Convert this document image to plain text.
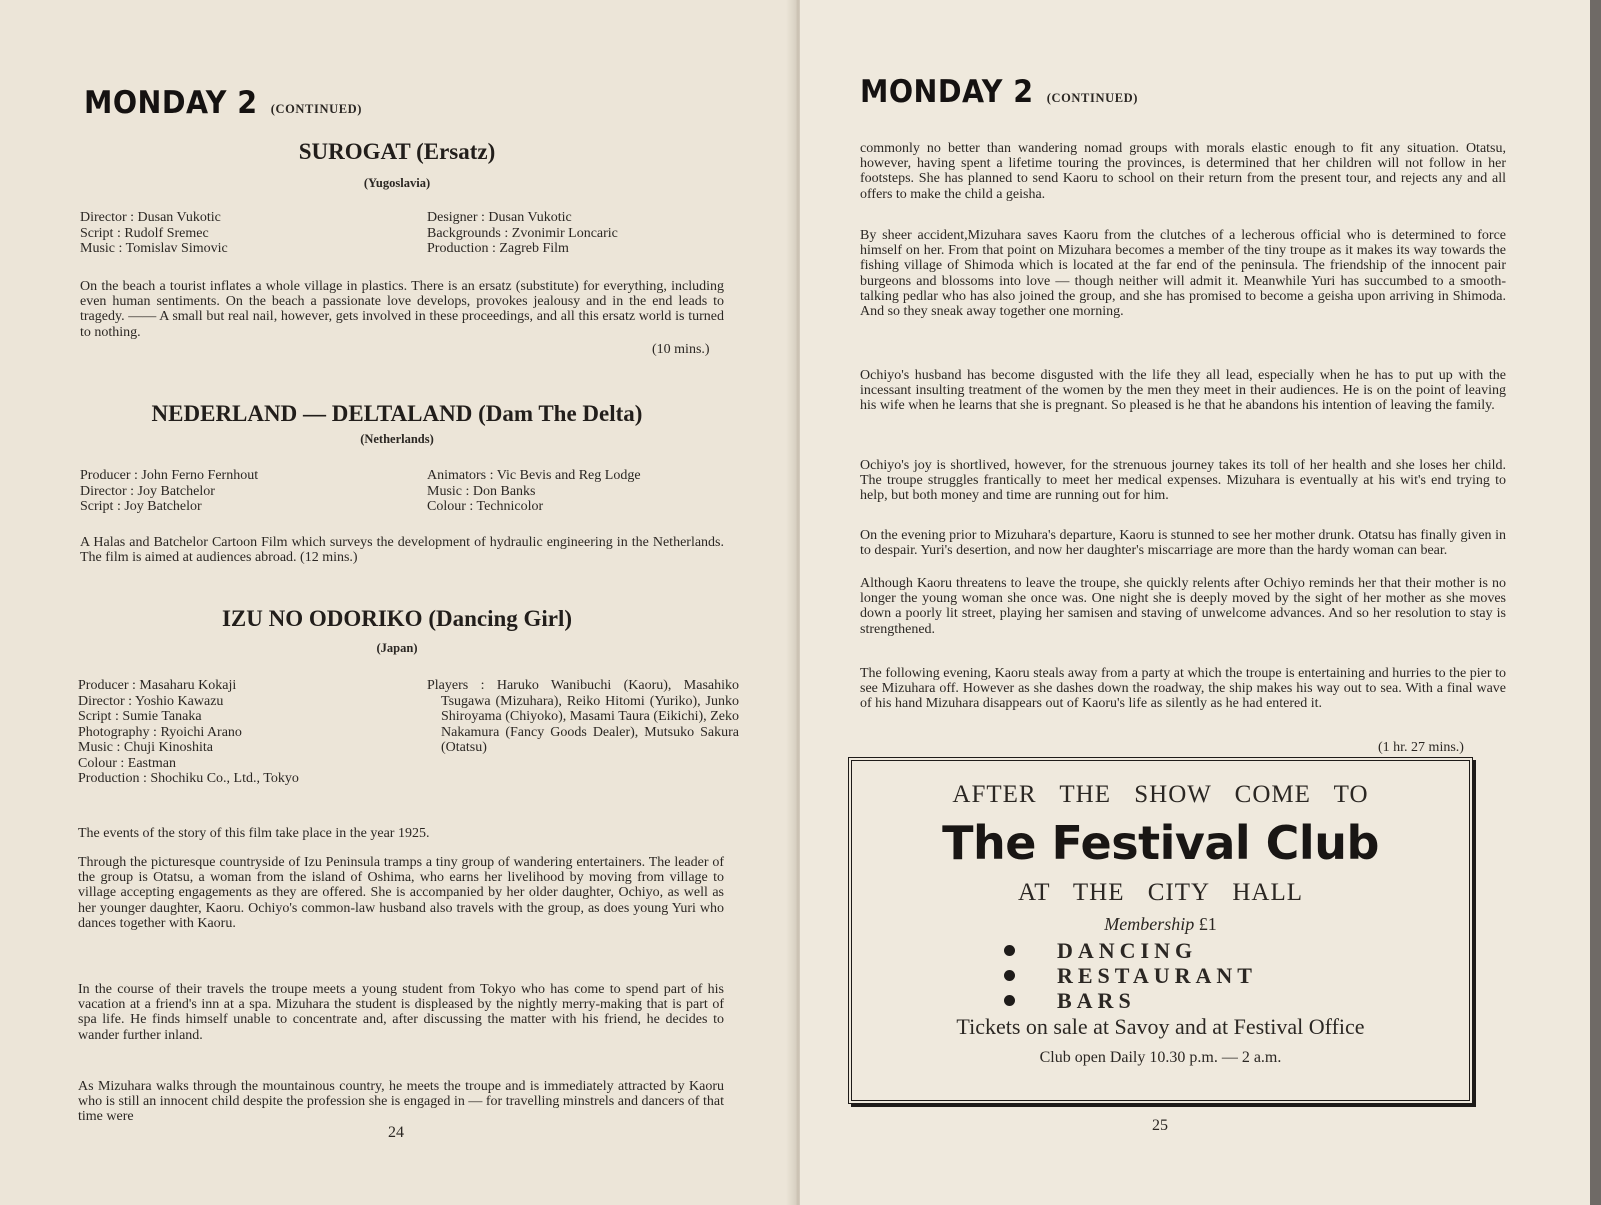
MONDAY 2 (CONTINUED)
SUROGAT (Ersatz)
(Yugoslavia)
Director : Dusan Vukotic
Script : Rudolf Sremec
Music : Tomislav Simovic
Designer : Dusan Vukotic
Backgrounds : Zvonimir Loncaric
Production : Zagreb Film
On the beach a tourist inflates a whole village in plastics. There is an ersatz (substitute) for everything, including even human sentiments. On the beach a passionate love develops, provokes jealousy and in the end leads to tragedy. —— A small but real nail, however, gets involved in these proceedings, and all this ersatz world is turned to nothing.
(10 mins.)
NEDERLAND — DELTALAND (Dam The Delta)
(Netherlands)
Producer : John Ferno Fernhout
Director : Joy Batchelor
Script : Joy Batchelor
Animators : Vic Bevis and Reg Lodge
Music : Don Banks
Colour : Technicolor
A Halas and Batchelor Cartoon Film which surveys the development of hydraulic engineering in the Netherlands. The film is aimed at audiences abroad. (12 mins.)
IZU NO ODORIKO (Dancing Girl)
(Japan)
Producer : Masaharu Kokaji
Director : Yoshio Kawazu
Script : Sumie Tanaka
Photography : Ryoichi Arano
Music : Chuji Kinoshita
Colour : Eastman
Production : Shochiku Co., Ltd., Tokyo
Players : Haruko Wanibuchi (Kaoru), Masahiko Tsugawa (Mizuhara), Reiko Hitomi (Yuriko), Junko Shiroyama (Chiyoko), Masami Taura (Eikichi), Zeko Nakamura (Fancy Goods Dealer), Mutsuko Sakura (Otatsu)
The events of the story of this film take place in the year 1925.
Through the picturesque countryside of Izu Peninsula tramps a tiny group of wandering entertainers. The leader of the group is Otatsu, a woman from the island of Oshima, who earns her livelihood by moving from village to village accepting engagements as they are offered. She is accompanied by her older daughter, Ochiyo, as well as her younger daughter, Kaoru. Ochiyo's common-law husband also travels with the group, as does young Yuri who dances together with Kaoru.
In the course of their travels the troupe meets a young student from Tokyo who has come to spend part of his vacation at a friend's inn at a spa. Mizuhara the student is displeased by the nightly merry-making that is part of spa life. He finds himself unable to concentrate and, after discussing the matter with his friend, he decides to wander further inland.
As Mizuhara walks through the mountainous country, he meets the troupe and is immediately attracted by Kaoru who is still an innocent child despite the profession she is engaged in — for travelling minstrels and dancers of that time were
24
MONDAY 2 (CONTINUED)
commonly no better than wandering nomad groups with morals elastic enough to fit any situation. Otatsu, however, having spent a lifetime touring the provinces, is determined that her children will not follow in her footsteps. She has planned to send Kaoru to school on their return from the present tour, and rejects any and all offers to make the child a geisha.
By sheer accident,Mizuhara saves Kaoru from the clutches of a lecherous official who is determined to force himself on her. From that point on Mizuhara becomes a member of the tiny troupe as it makes its way towards the fishing village of Shimoda which is located at the far end of the peninsula. The friendship of the innocent pair burgeons and blossoms into love — though neither will admit it. Meanwhile Yuri has succumbed to a smooth-talking pedlar who has also joined the group, and she has promised to become a geisha upon arriving in Shimoda. And so they sneak away together one morning.
Ochiyo's husband has become disgusted with the life they all lead, especially when he has to put up with the incessant insulting treatment of the women by the men they meet in their audiences. He is on the point of leaving his wife when he learns that she is pregnant. So pleased is he that he abandons his intention of leaving the family.
Ochiyo's joy is shortlived, however, for the strenuous journey takes its toll of her health and she loses her child. The troupe struggles frantically to meet her medical expenses. Mizuhara is eventually at his wit's end trying to help, but both money and time are running out for him.
On the evening prior to Mizuhara's departure, Kaoru is stunned to see her mother drunk. Otatsu has finally given in to despair. Yuri's desertion, and now her daughter's miscarriage are more than the hardy woman can bear.
Although Kaoru threatens to leave the troupe, she quickly relents after Ochiyo reminds her that their mother is no longer the young woman she once was. One night she is deeply moved by the sight of her mother as she moves down a poorly lit street, playing her samisen and staving of unwelcome advances. And so her resolution to stay is strengthened.
The following evening, Kaoru steals away from a party at which the troupe is entertaining and hurries to the pier to see Mizuhara off. However as she dashes down the roadway, the ship makes his way out to sea. With a final wave of his hand Mizuhara disappears out of Kaoru's life as silently as he had entered it.
(1 hr. 27 mins.)
AFTER THE SHOW COME TO
The Festival Club
AT THE CITY HALL
Membership £1
DANCING
RESTAURANT
BARS
Tickets on sale at Savoy and at Festival Office
Club open Daily 10.30 p.m. — 2 a.m.
25
